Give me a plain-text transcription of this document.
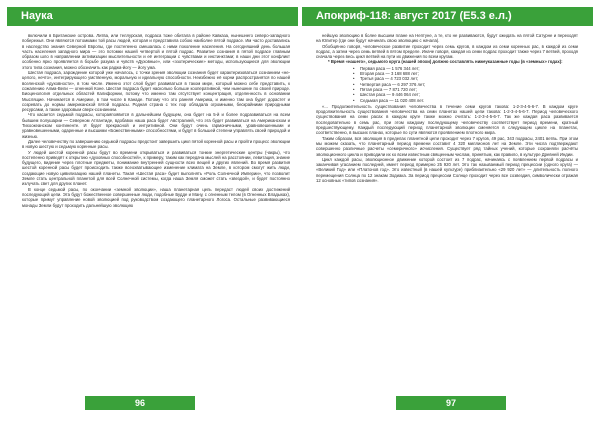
Наука

включили в Британские острова. Литва, или теллурская, подраса тоже обитала в районе Кавказа, нынешнего северо-западного побережья. Они являются потомками той расы людей, которая и представила собою наиболее пятой подрасе. Им часто доставались в наследство знания Северной Европы, где постепенно смешалась с ними поколение населения. На сегодняшний день большая часть населения западного мира — это потомки нашей четвертой и пятой подрас. Развитие сознания в пятой подрасе главным образом шло в направлении активизации мыслительности и её интеграции с чувствами и инстинктами; в наши дни этот конфликт особенно ярко проявляется в борьбе разума и чувств «Духовные», или «эзотерические» методы, использующиеся для эволюции этого типа сознания, можно обозначить как раджа-йогу — йогу ума.

Шестая подраса, зарождение которой уже началось, с точки зрения эволюции сознания будет характеризоваться сознанием «не-целого, нечто», интегрирующего умственную, моральную и идеальную способности. Неизбежно её корни распространятся по нашей вселенской «духовности», в том числе. Именно этот слой будет развиваться в таком мире, который можно себе представить, к сожалению Алма-Вели — огненной Коне. Шестая подраса будет насколько больше кооперативной, чем нынешние по своей природе. Биоценология отдельных областей Калифорнии, потому что именно там отсутствует концентрация, отделенность в основании Мыслящие. Начинается в Америке, в том числе в Канаде. Потому что это ранняя Америка, и именно там она будет дорастет и созревать до нормы американской пятой подрасы. Родная страна с тех пор обладала огромными, бескрайними природными ресурсами, а также здоровым сверх-сознанием.

Что касается седьмой подрасы, котораяпоявится в дальнейшем будущем, она будет на 5-й и более подразвиваться на всем бывшем полушарии — Северном Атлантиде, вдобавок наша раса будет Австралией, что эта будет развиваться на Американском и Тихоокеанском континенте. И будет прекрасной и интуитивной. Они будут очень гармоничными, уравновешенными и уравновешенными, одаренные и высшими «Божественными» способностями, и будут в большей степени управлять своей природой и жизнью.

Далее человечеству по завершению седьмой подрасы предстоит завершить цикл пятой коренной расы и пройти процесс эволюции в новую шестую и седьмую коренные расы.

У людей шестой коренной расы будут во времени открываться и развиваться тонкие энергетические центры (чакры), что постепенно приведёт к открытию «духовных способностей», к примеру, таким как передача мыслей на расстоянии, левитация, знание будущего, видение через плотные предметы, понимание внутренней сущности всех вещей и других явлений. Во время развития шестой коренной расы будет происходить также всеохватывающее изменение климата на Земле, в котором смогут жить люди, создающие новую цивилизацию нашей планеты. Такая «Шестая раса» будет выполнять «Роль Солнечной Империи», что позволит Земле стать центральной планетой для всей Солнечной системы, когда наша Земля сможет стать «звездой», и будет постоянно излучать свет для других планет.

В конце седьмой расы, по окончании «земной эволюции», наша планетарная цепь передаст людей своих достижений последующей цепи. Эта будут божественное совершенные люди, подобные Будде и Ману, с огненным телом (в Огненных Владыках), которые примут управление новой эволюцией под руководством создающего планетарного Логоса. Остальные развивающиеся монады Земли будут проходить дальнейшую эволюцию

96
Апокриф-118: август 2017 (Е5.3 е.л.)

нейшую эволюцию в более высшем плане на Нептуне, а те, кто не развиваются, будут ожидать на пятой Сатурне и переходят на Юпитер (где они будут начинать свою эволюцию с начала).

Обобщённо говоря, человеческое развитие проходит через семь кругов, в каждом из семи коренных рас, в каждой из семи подрас, а затем через семь ветвей в пятом пределе. Иначе говоря, каждая из семи подрас проходит также через 7 ветвей, проходя сначала через весь цикл ветвей на пути их движения по всем кругам.

* Время «нашего», седьмого круга (нашей эпохи) должно составлять нижеуказанные годы (в «земных» годах):

• Первая раса — 1 576 344 лет;
• Вторая раса — 3 168 688 лет;
• Третья раса — 4 723 032 лет;
• Четвертая раса — 6 297 376 лет;
• Пятая раса — 7 871 720 лет;
• Шестая раса — 9 446 064 лет;
• Седьмая раса — 11 020 408 лет.

«... Продолжительность существования человечества в течение семи кругов такова: 1-2-3-4-5-6-7. В каждом круге продолжительность существования человечества на семи планетах нашей цепи такова: 1-2-3-4-5-6-7. Период человеческого существования на семи расах в каждом круге также можно считать: 1-2-3-4-5-6-7. Так же каждая раса развивается последовательно в семь рас, при этом каждому последующему человечеству соответствует период времени, кратный предшествующему. Каждый последующий период планетарной эволюции сменяется в следующем цикле на планетах, соответственно, в высших планах, которые по сути являются проявлением плотного мира.

Таким образом, вся эволюция в пределах планетной цепи проходит через 7 кругов, 49 рас, 343 подрасы, 2401 ветвь. При этом мы можем сказать, что планетарный период времени составит 4 320 миллионов лет на Земле. Эти числа подтверждают совершенно различные расчеты «семеричного» исчисления. Существует ряд тайных учений, которые сохраняли расчёты эволюционного цикла и приводили их ко всем известным священным числам, принятым, как правило, в культуре Древней Индии.

Цикл каждой расы, эволюционное движение которой состоит из 7 подрас, начинаясь с появлением первой подрасы и заканчивая угасанием последней, имеет период примерно 25 920 лет. Это так называемый период прецессии (одного круга) — «Великий Год» или «Платонов год». Это известный (в нашей культуре) приблизительно «29 920 лет» — длительность полного перемещения Солнца по 12 знакам Зодиака. За период прецессии Солнце проходит через все созвездия, символически отражая 12 основных «типов сознания».

97
